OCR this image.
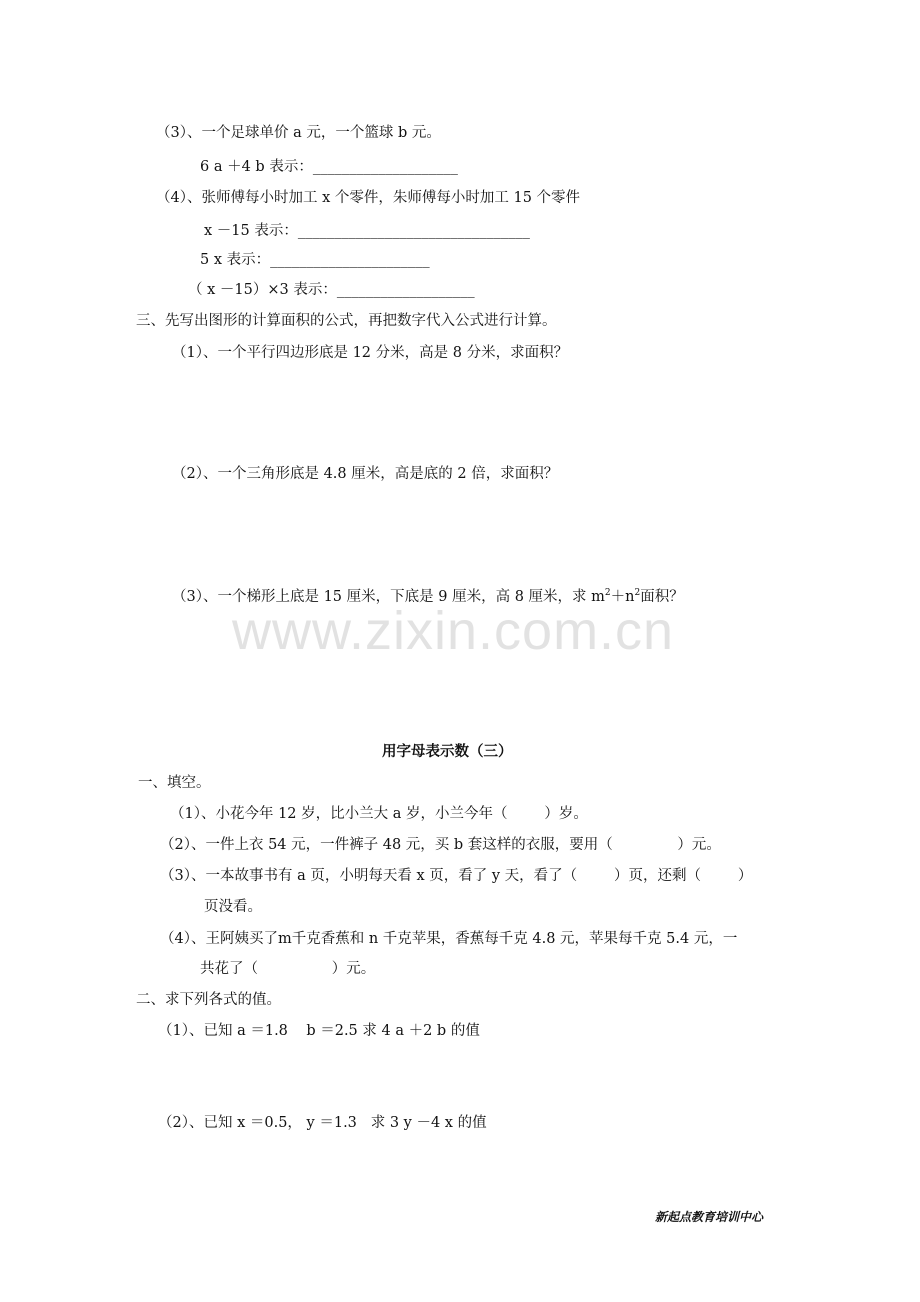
www.zixin.com.cn
（3）、一个足球单价 a 元，一个篮球 b 元。
6 a ＋4 b 表示：____________________
（4）、张师傅每小时加工 x 个零件，朱师傅每小时加工 15 个零件
x －15 表示：________________________________
5 x 表示：______________________
（ x －15）×3 表示：___________________
三、先写出图形的计算面积的公式，再把数字代入公式进行计算。
（1）、一个平行四边形底是 12 分米，高是 8 分米，求面积？
（2）、一个三角形底是 4.8 厘米，高是底的 2 倍，求面积？
（3）、一个梯形上底是 15 厘米，下底是 9 厘米，高 8 厘米，求 $m^2+n^2$面积？
用字母表示数（三）
一、填空。
（1）、小花今年 12 岁，比小兰大 a 岁，小兰今年（        ）岁。
（2）、一件上衣 54 元，一件裤子 48 元，买 b 套这样的衣服，要用（              ）元。
（3）、一本故事书有 a 页，小明每天看 x 页，看了 y 天，看了（        ）页，还剩（        ）
页没看。
（4）、王阿姨买了m千克香蕉和 n 千克苹果，香蕉每千克 4.8 元，苹果每千克 5.4 元，一
共花了（                ）元。
二、求下列各式的值。
（1）、已知 a ＝1.8    b ＝2.5 求 4 a ＋2 b 的值
（2）、已知 x ＝0.5， y ＝1.3   求 3 y －4 x 的值
新起点教育培训中心
